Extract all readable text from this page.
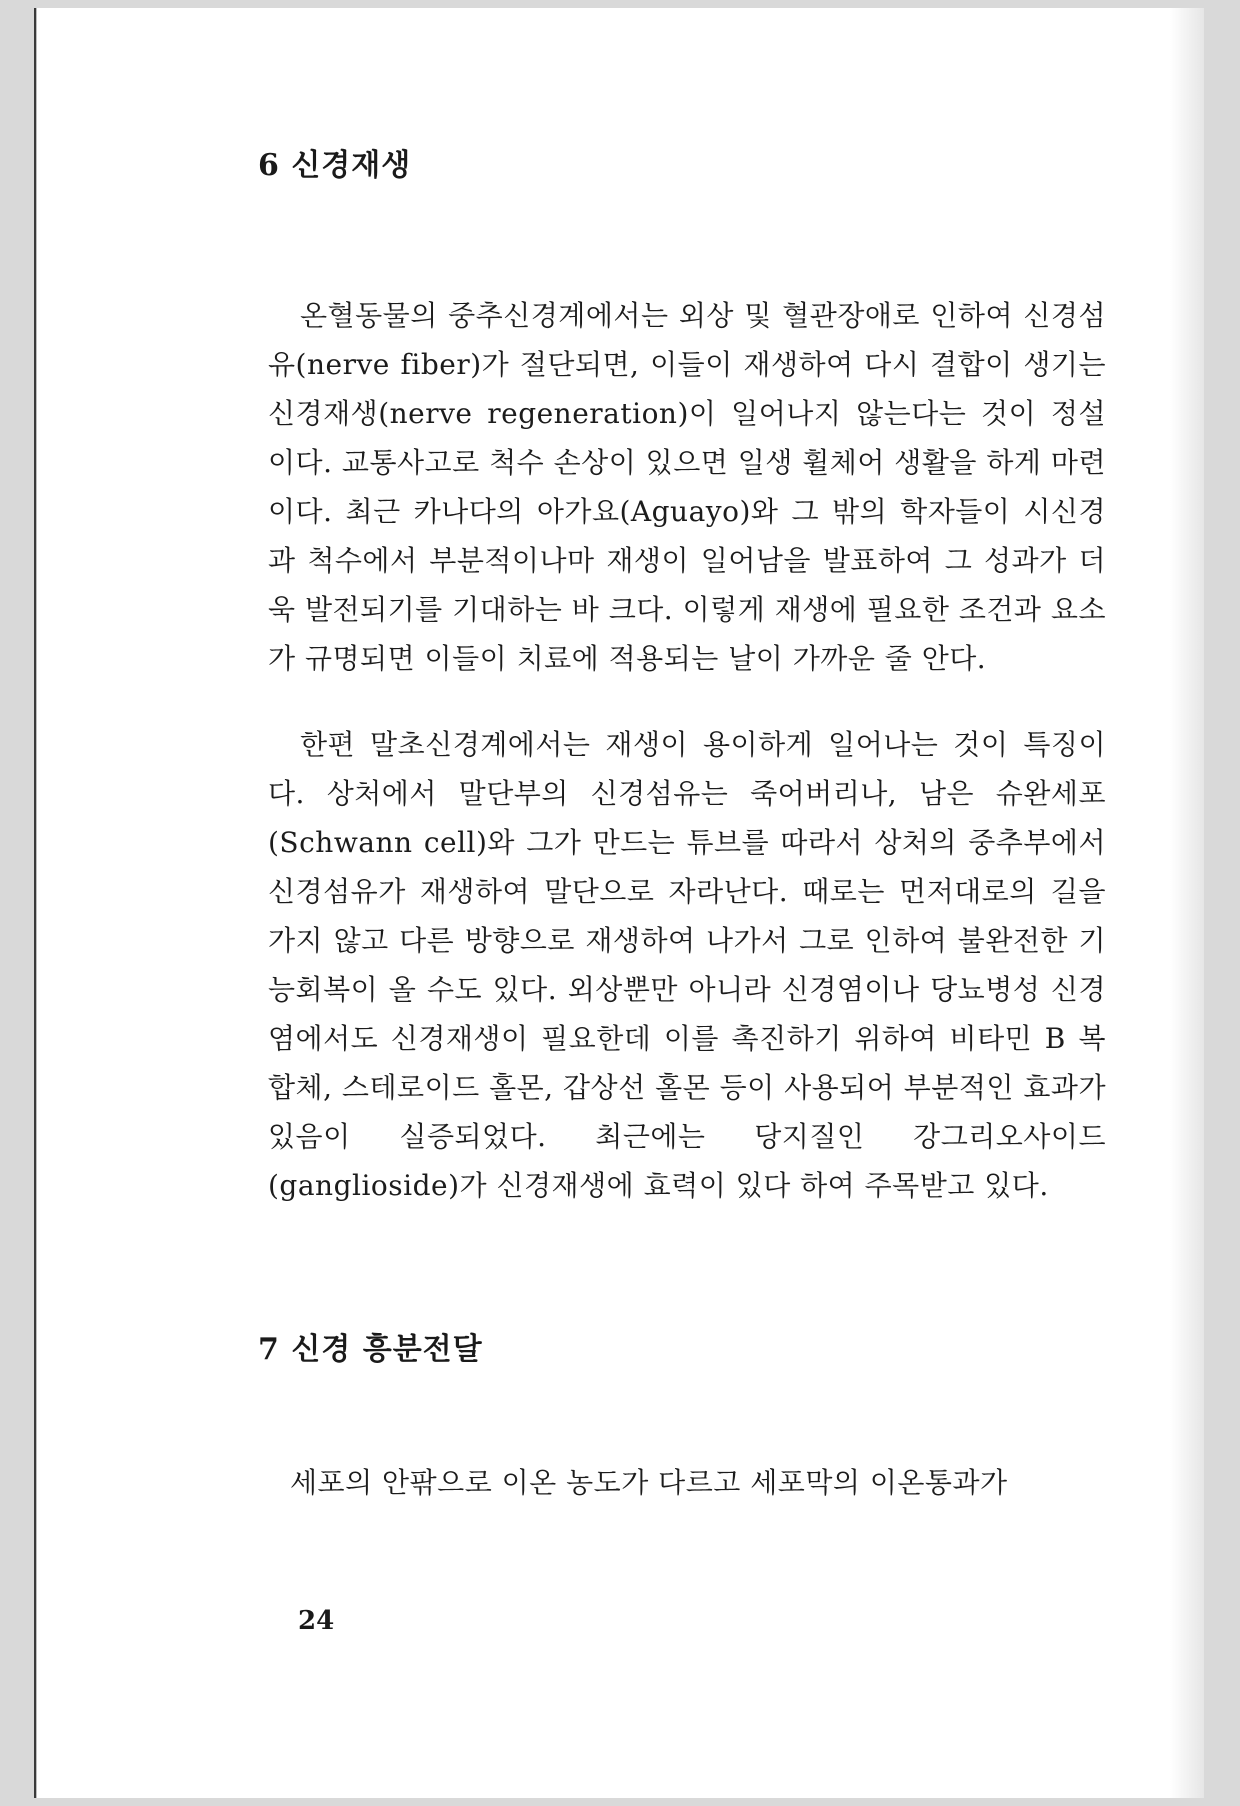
6 신경재생

온혈동물의 중추신경계에서는 외상 및 혈관장애로 인하여 신경섬유(nerve fiber)가 절단되면, 이들이 재생하여 다시 결합이 생기는 신경재생(nerve regeneration)이 일어나지 않는다는 것이 정설이다. 교통사고로 척수 손상이 있으면 일생 휠체어 생활을 하게 마련이다. 최근 카나다의 아가요(Aguayo)와 그 밖의 학자들이 시신경과 척수에서 부분적이나마 재생이 일어남을 발표하여 그 성과가 더욱 발전되기를 기대하는 바 크다. 이렇게 재생에 필요한 조건과 요소가 규명되면 이들이 치료에 적용되는 날이 가까운 줄 안다.

한편 말초신경계에서는 재생이 용이하게 일어나는 것이 특징이다. 상처에서 말단부의 신경섬유는 죽어버리나, 남은 슈완세포(Schwann cell)와 그가 만드는 튜브를 따라서 상처의 중추부에서 신경섬유가 재생하여 말단으로 자라난다. 때로는 먼저대로의 길을 가지 않고 다른 방향으로 재생하여 나가서 그로 인하여 불완전한 기능회복이 올 수도 있다. 외상뿐만 아니라 신경염이나 당뇨병성 신경염에서도 신경재생이 필요한데 이를 촉진하기 위하여 비타민 B 복합체, 스테로이드 홀몬, 갑상선 홀몬 등이 사용되어 부분적인 효과가 있음이 실증되었다. 최근에는 당지질인 강그리오사이드(ganglioside)가 신경재생에 효력이 있다 하여 주목받고 있다.

7 신경 흥분전달

세포의 안팎으로 이온 농도가 다르고 세포막의 이온통과가

24
